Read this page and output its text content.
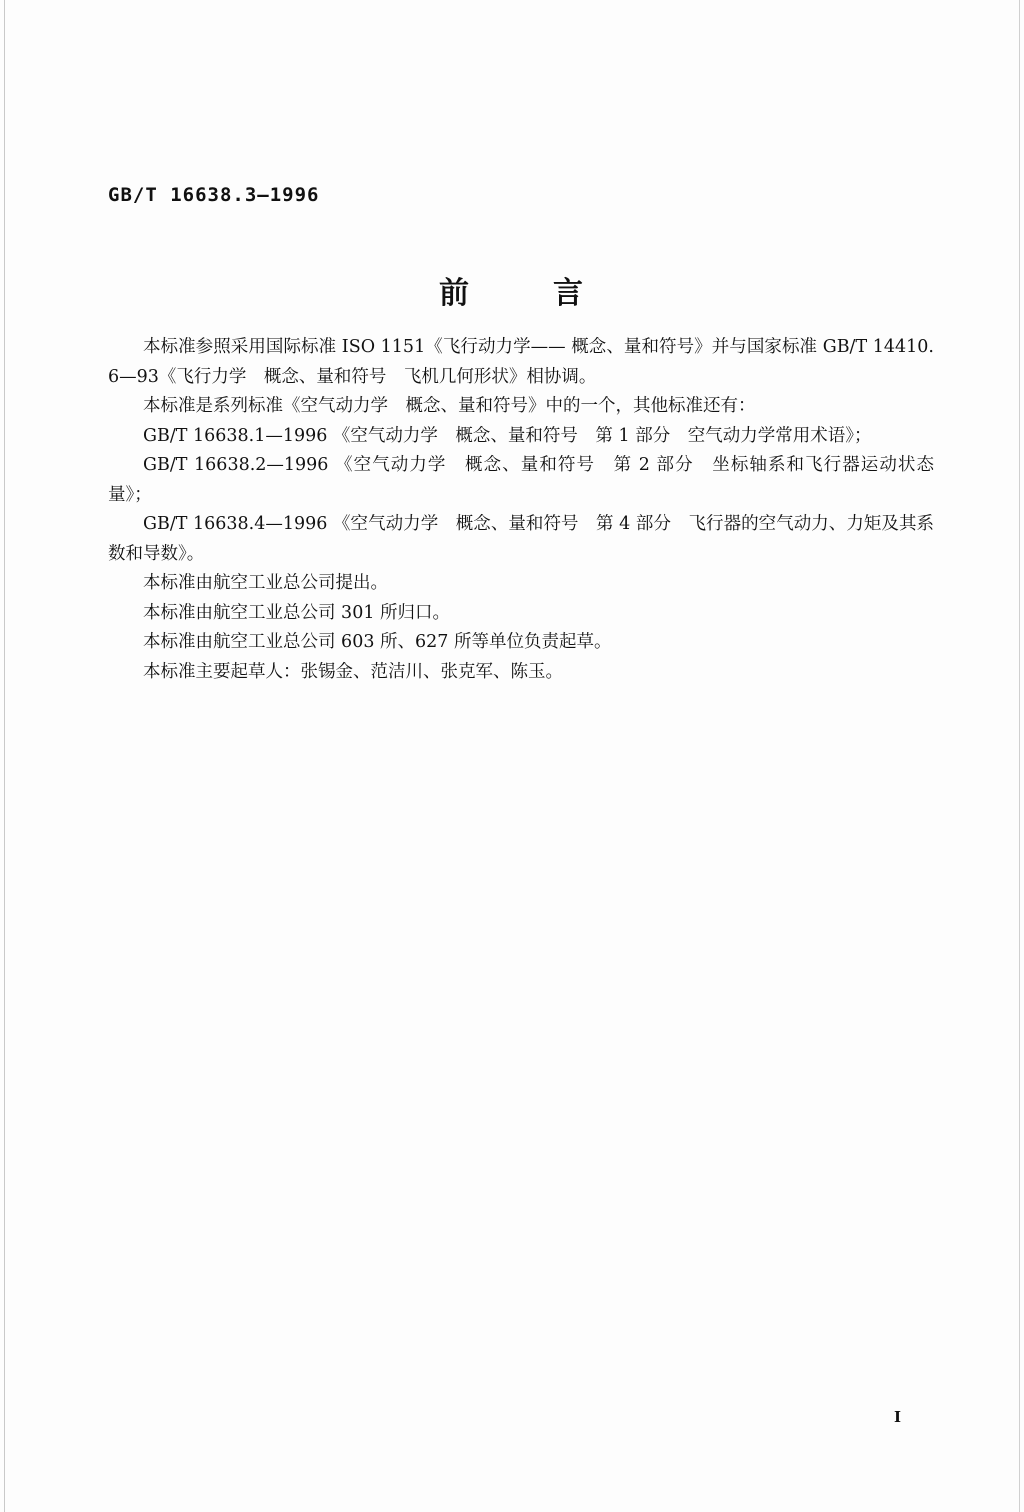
GB/T 16638.3—1996
前	言

本标准参照采用国际标准 ISO 1151《飞行动力学—— 概念、量和符号》并与国家标准 GB/T 14410.6—93《飞行力学　概念、量和符号　飞机几何形状》相协调。

本标准是系列标准《空气动力学　概念、量和符号》中的一个，其他标准还有：

GB/T 16638.1—1996 《空气动力学　概念、量和符号　第 1 部分　空气动力学常用术语》；

GB/T 16638.2—1996 《空气动力学　概念、量和符号　第 2 部分　坐标轴系和飞行器运动状态量》；

GB/T 16638.4—1996 《空气动力学　概念、量和符号　第 4 部分　飞行器的空气动力、力矩及其系数和导数》。

本标准由航空工业总公司提出。

本标准由航空工业总公司 301 所归口。

本标准由航空工业总公司 603 所、627 所等单位负责起草。

本标准主要起草人：张锡金、范洁川、张克军、陈玉。

I
